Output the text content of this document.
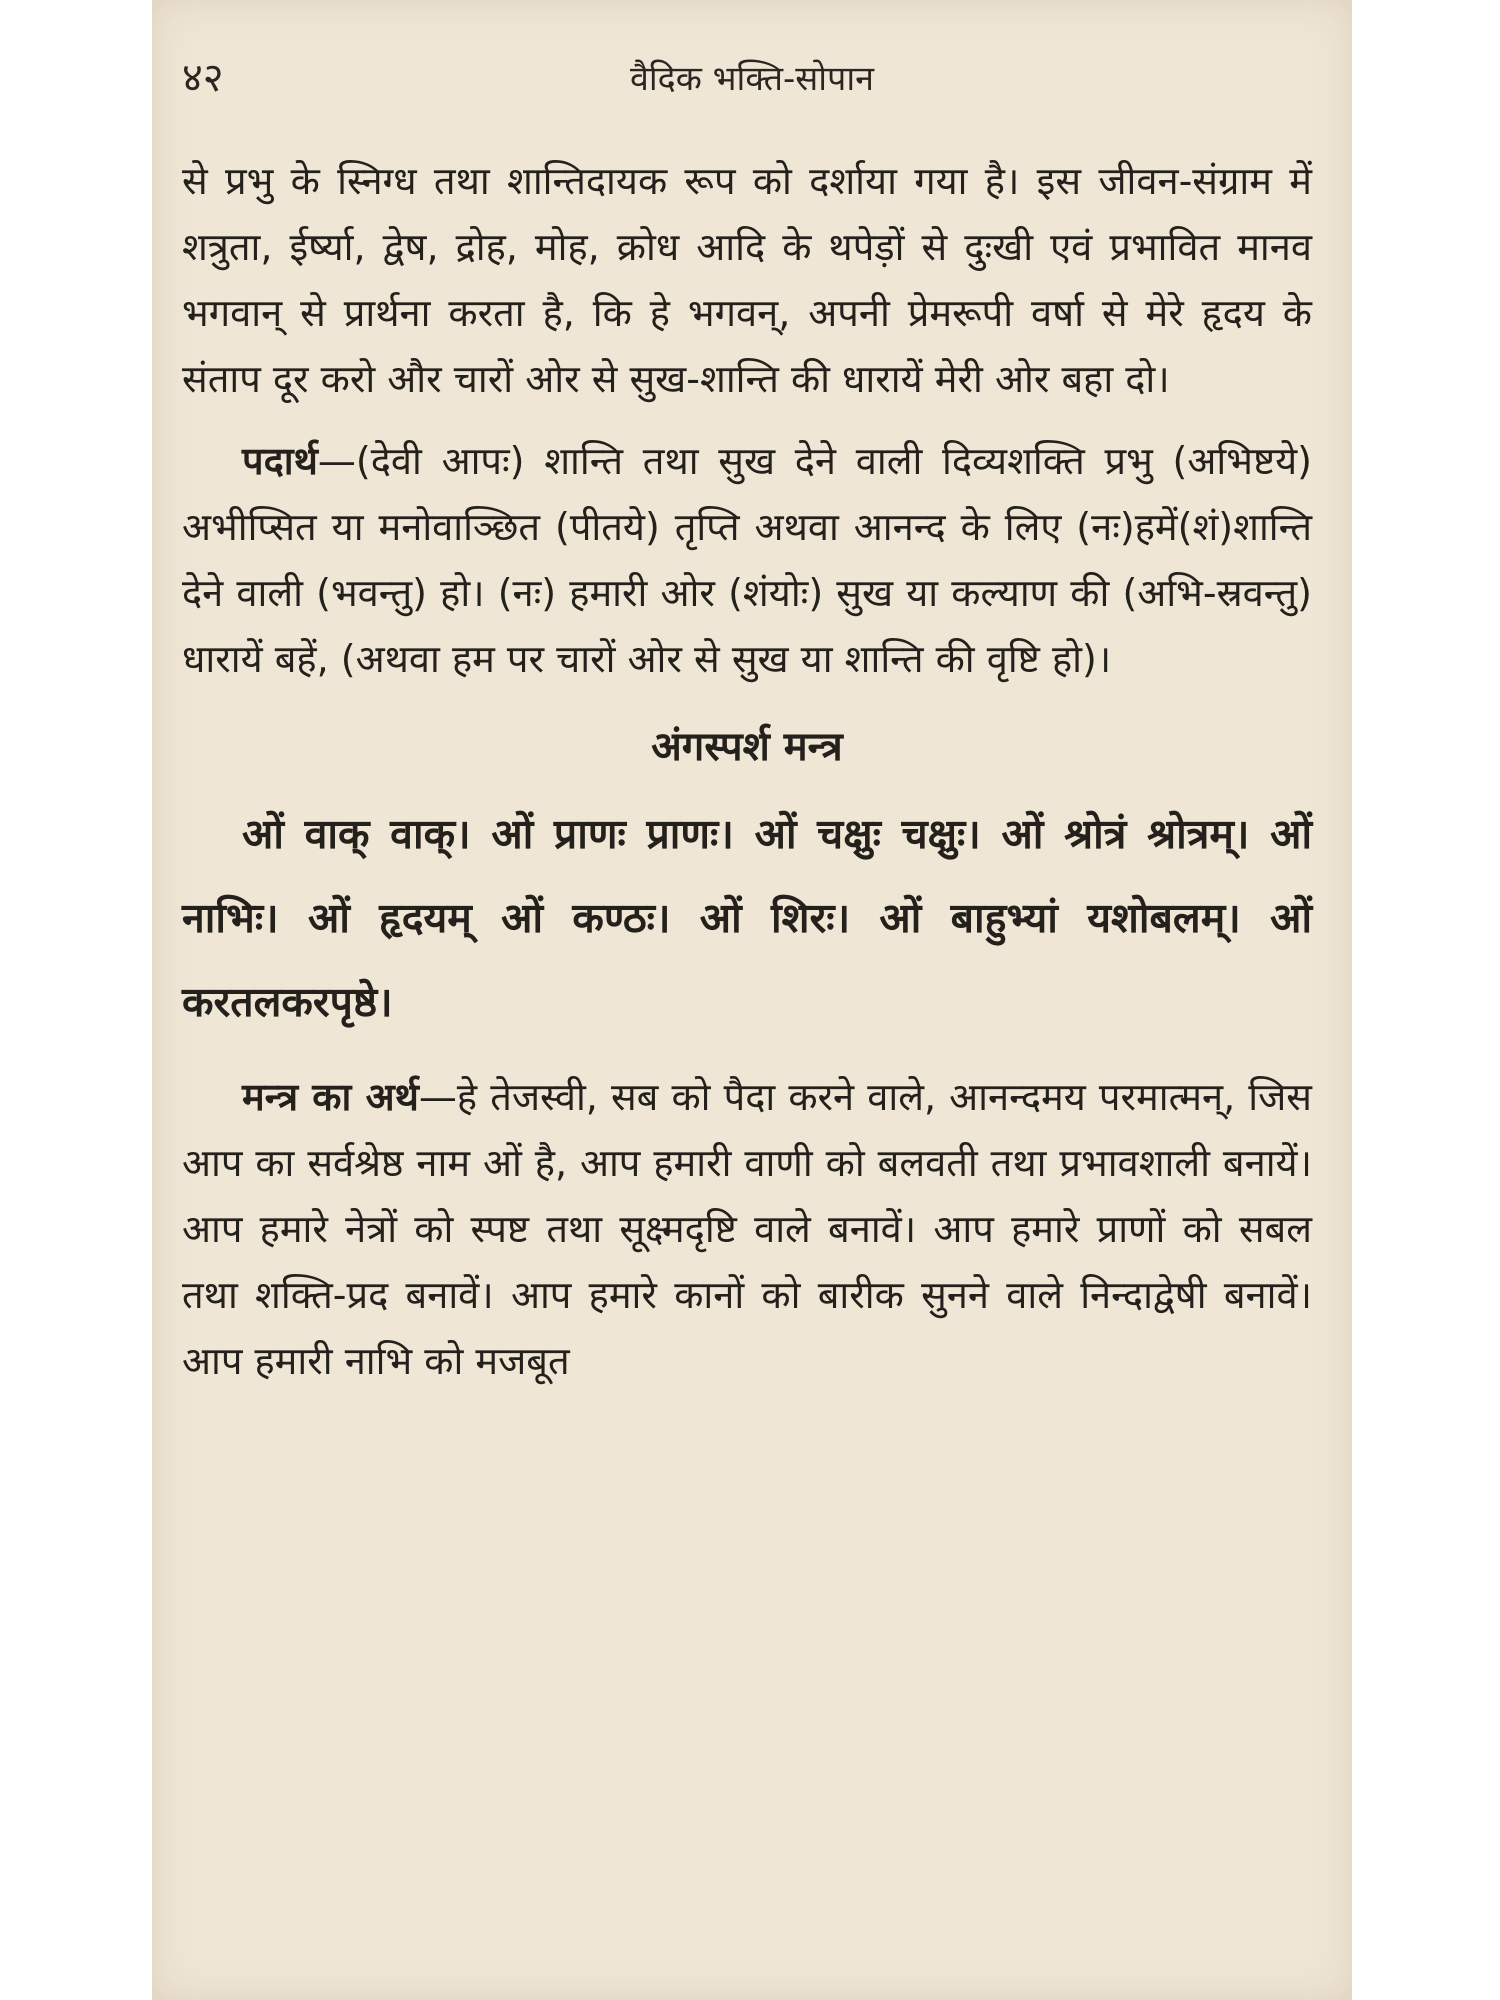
४२	वैदिक भक्ति-सोपान

से प्रभु के स्निग्ध तथा शान्तिदायक रूप को दर्शाया गया है। इस जीवन-संग्राम में शत्रुता, ईर्ष्या, द्वेष, द्रोह, मोह, क्रोध आदि के थपेड़ों से दुःखी एवं प्रभावित मानव भगवान् से प्रार्थना करता है, कि हे भगवन्, अपनी प्रेमरूपी वर्षा से मेरे हृदय के संताप दूर करो और चारों ओर से सुख-शान्ति की धारायें मेरी ओर बहा दो।

पदार्थ—(देवी आपः) शान्ति तथा सुख देने वाली दिव्यशक्ति प्रभु (अभिष्टये) अभीप्सित या मनोवाञ्छित (पीतये) तृप्ति अथवा आनन्द के लिए (नः)हमें(शं)शान्ति देने वाली (भवन्तु) हो। (नः) हमारी ओर (शंयोः) सुख या कल्याण की (अभि-स्रवन्तु) धारायें बहें, (अथवा हम पर चारों ओर से सुख या शान्ति की वृष्टि हो)।

अंगस्पर्श मन्त्र

ओं वाक् वाक्। ओं प्राणः प्राणः। ओं चक्षुः चक्षुः। ओं श्रोत्रं श्रोत्रम्। ओं नाभिः। ओं हृदयम् ओं कण्ठः। ओं शिरः। ओं बाहुभ्यां यशोबलम्। ओं करतलकरपृष्ठे।

मन्त्र का अर्थ—हे तेजस्वी, सब को पैदा करने वाले, आनन्दमय परमात्मन्, जिस आप का सर्वश्रेष्ठ नाम ओं है, आप हमारी वाणी को बलवती तथा प्रभावशाली बनायें। आप हमारे नेत्रों को स्पष्ट तथा सूक्ष्मदृष्टि वाले बनावें। आप हमारे प्राणों को सबल तथा शक्ति-प्रद बनावें। आप हमारे कानों को बारीक सुनने वाले निन्दाद्वेषी बनावें। आप हमारी नाभि को मजबूत
